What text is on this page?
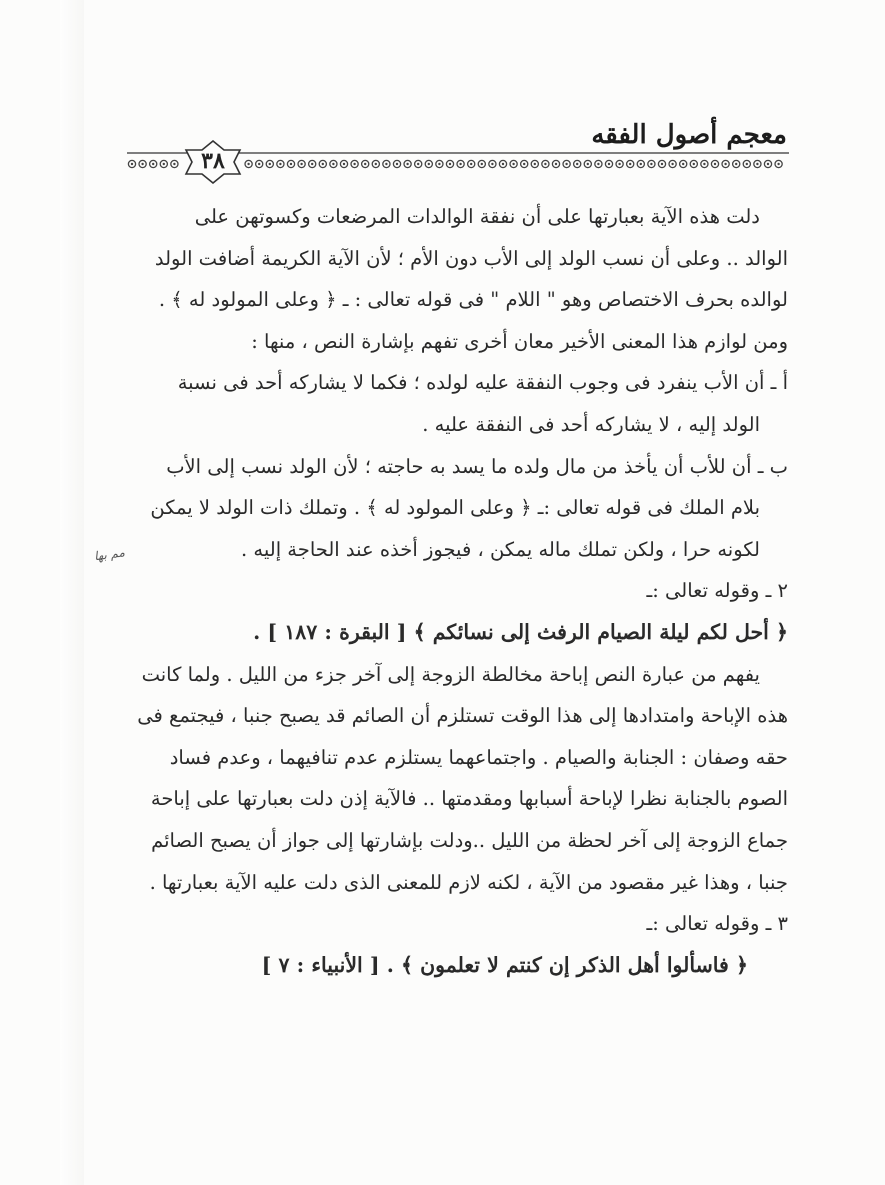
معجم أصول الفقه
٣٨
دلت هذه الآية بعبارتها على أن نفقة الوالدات المرضعات وكسوتهن على
الوالد .. وعلى أن نسب الولد إلى الأب دون الأم ؛ لأن الآية الكريمة أضافت الولد
لوالده بحرف الاختصاص وهو " اللام " فى قوله تعالى : ـ ﴿ وعلى المولود له ﴾ .
ومن لوازم هذا المعنى الأخير معان أخرى تفهم بإشارة النص ، منها :
أ ـ أن الأب ينفرد فى وجوب النفقة عليه لولده ؛ فكما لا يشاركه أحد فى نسبة
الولد إليه ، لا يشاركه أحد فى النفقة عليه .
ب ـ أن للأب أن يأخذ من مال ولده ما يسد به حاجته ؛ لأن الولد نسب إلى الأب
بلام الملك فى قوله تعالى :ـ ﴿ وعلى المولود له ﴾ . وتملك ذات الولد لا يمكن
لكونه حرا ، ولكن تملك ماله يمكن ، فيجوز أخذه عند الحاجة إليه .
٢ ـ وقوله تعالى :ـ
﴿ أحل لكم ليلة الصيام الرفث إلى نسائكم ﴾ [ البقرة : ١٨٧ ] .
يفهم من عبارة النص إباحة مخالطة الزوجة إلى آخر جزء من الليل . ولما كانت
هذه الإباحة وامتدادها إلى هذا الوقت تستلزم أن الصائم قد يصبح جنبا ، فيجتمع فى
حقه وصفان : الجنابة والصيام . واجتماعهما يستلزم عدم تنافيهما ، وعدم فساد
الصوم بالجنابة نظرا لإباحة أسبابها ومقدمتها .. فالآية إذن دلت بعبارتها على إباحة
جماع الزوجة إلى آخر لحظة من الليل ..ودلت بإشارتها إلى جواز أن يصبح الصائم
جنبا ، وهذا غير مقصود من الآية ، لكنه لازم للمعنى الذى دلت عليه الآية بعبارتها .
٣ ـ وقوله تعالى :ـ
﴿ فاسألوا أهل الذكر إن كنتم لا تعلمون ﴾ . [ الأنبياء : ٧ ]
مم بها
